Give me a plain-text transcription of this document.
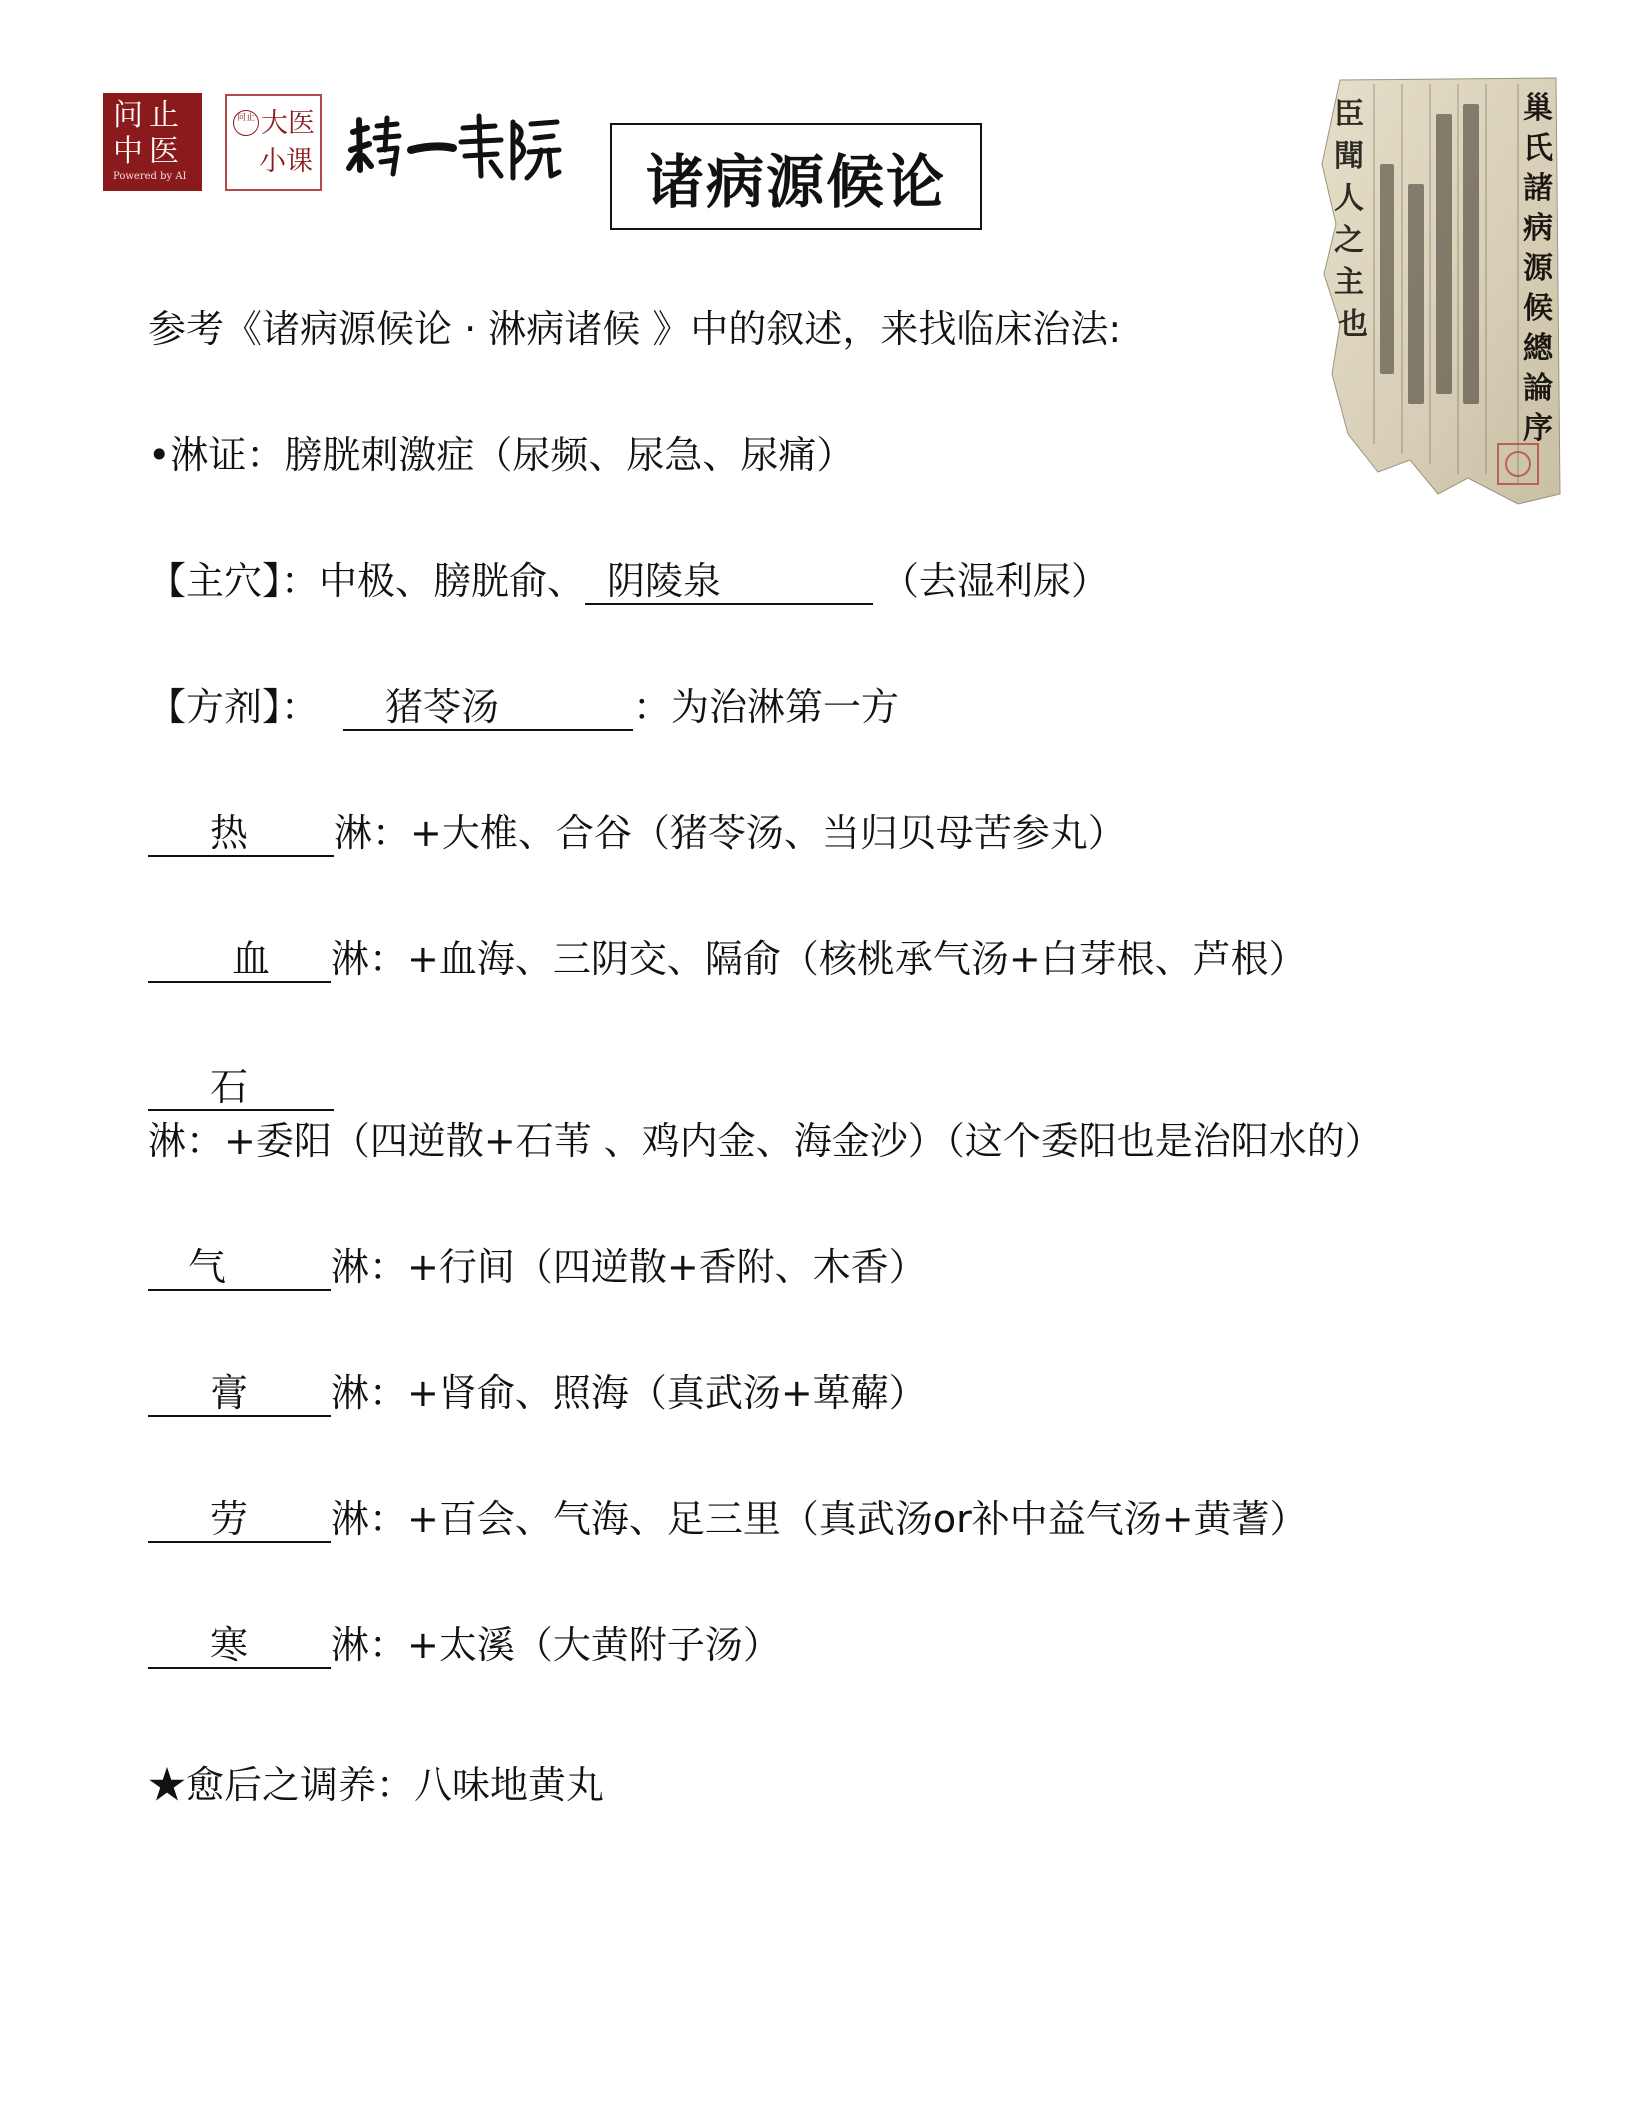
问止
中医
Powered by AI
问止 大医
小课	诸病源候论
巢
氏
諸
病
源
候
總
論
序
臣
聞
人
之
主
也
参考《诸病源候论 · 淋病诸候 》中的叙述，来找临床治法:
•淋证：膀胱刺激症（尿频、尿急、尿痛）
【主穴】：中极、膀胱俞、 阴陵泉	（去湿利尿）
【方剂】： 猪苓汤	：为治淋第一方
热 淋：+大椎、合谷（猪苓汤、当归贝母苦参丸）
血 淋：+血海、三阴交、隔俞（核桃承气汤+白芽根、芦根）
石淋：+委阳（四逆散+石苇 、鸡内金、海金沙）（这个委阳也是治阳水的）
气	淋：+行间（四逆散+香附、木香）
膏 淋：+肾俞、照海（真武汤+萆薢）
劳 淋：+百会、气海、足三里（真武汤or补中益气汤+黄蓍）
寒 淋：+太溪（大黄附子汤）
★愈后之调养：八味地黄丸
